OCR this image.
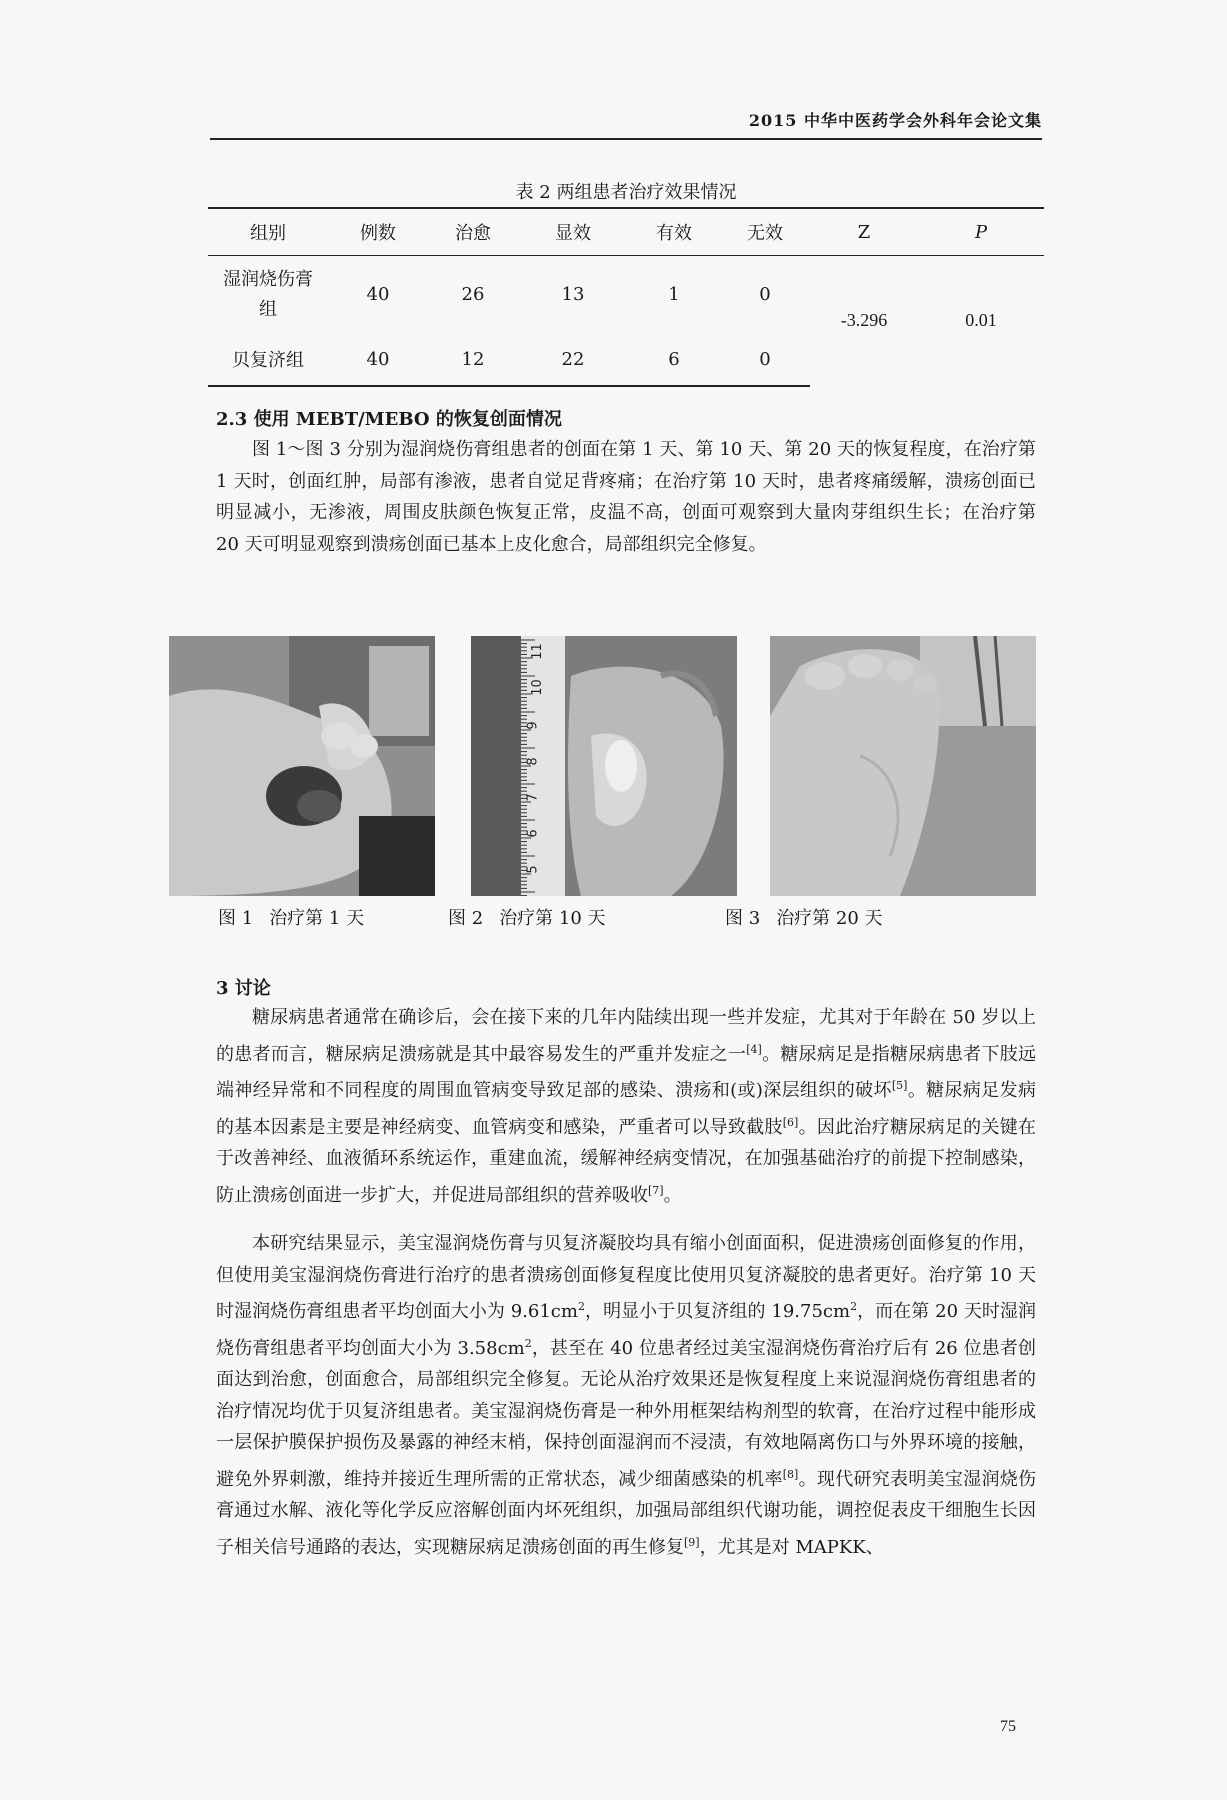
2015 中华中医药学会外科年会论文集
表 2 两组患者治疗效果情况
组别	例数	治愈	显效	有效	无效	Z	P
湿润烧伤膏组	40	26	13	1	0	-3.296	0.01
贝复济组	40	12	22	6	0		
2.3 使用 MEBT/MEBO 的恢复创面情况

图 1～图 3 分别为湿润烧伤膏组患者的创面在第 1 天、第 10 天、第 20 天的恢复程度，在治疗第 1 天时，创面红肿，局部有渗液，患者自觉足背疼痛；在治疗第 10 天时，患者疼痛缓解，溃疡创面已明显减小，无渗液，周围皮肤颜色恢复正常，皮温不高，创面可观察到大量肉芽组织生长；在治疗第 20 天可明显观察到溃疡创面已基本上皮化愈合，局部组织完全修复。

5
6
7
8
9
10
11
图 1 治疗第 1 天	图 2 治疗第 10 天	图 3 治疗第 20 天
3 讨论

糖尿病患者通常在确诊后，会在接下来的几年内陆续出现一些并发症，尤其对于年龄在 50 岁以上的患者而言，糖尿病足溃疡就是其中最容易发生的严重并发症之一[4]。糖尿病足是指糖尿病患者下肢远端神经异常和不同程度的周围血管病变导致足部的感染、溃疡和(或)深层组织的破坏[5]。糖尿病足发病的基本因素是主要是神经病变、血管病变和感染，严重者可以导致截肢[6]。因此治疗糖尿病足的关键在于改善神经、血液循环系统运作，重建血流，缓解神经病变情况，在加强基础治疗的前提下控制感染，防止溃疡创面进一步扩大，并促进局部组织的营养吸收[7]。

本研究结果显示，美宝湿润烧伤膏与贝复济凝胶均具有缩小创面面积，促进溃疡创面修复的作用，但使用美宝湿润烧伤膏进行治疗的患者溃疡创面修复程度比使用贝复济凝胶的患者更好。治疗第 10 天时湿润烧伤膏组患者平均创面大小为 $9.61cm^2$，明显小于贝复济组的 $19.75cm^2$，而在第 20 天时湿润烧伤膏组患者平均创面大小为 $3.58cm^2$，甚至在 40 位患者经过美宝湿润烧伤膏治疗后有 26 位患者创面达到治愈，创面愈合，局部组织完全修复。无论从治疗效果还是恢复程度上来说湿润烧伤膏组患者的治疗情况均优于贝复济组患者。美宝湿润烧伤膏是一种外用框架结构剂型的软膏，在治疗过程中能形成一层保护膜保护损伤及暴露的神经末梢，保持创面湿润而不浸渍，有效地隔离伤口与外界环境的接触，避免外界刺激，维持并接近生理所需的正常状态，减少细菌感染的机率[8]。现代研究表明美宝湿润烧伤膏通过水解、液化等化学反应溶解创面内坏死组织，加强局部组织代谢功能，调控促表皮干细胞生长因子相关信号通路的表达，实现糖尿病足溃疡创面的再生修复[9]，尤其是对 MAPKK、

75
